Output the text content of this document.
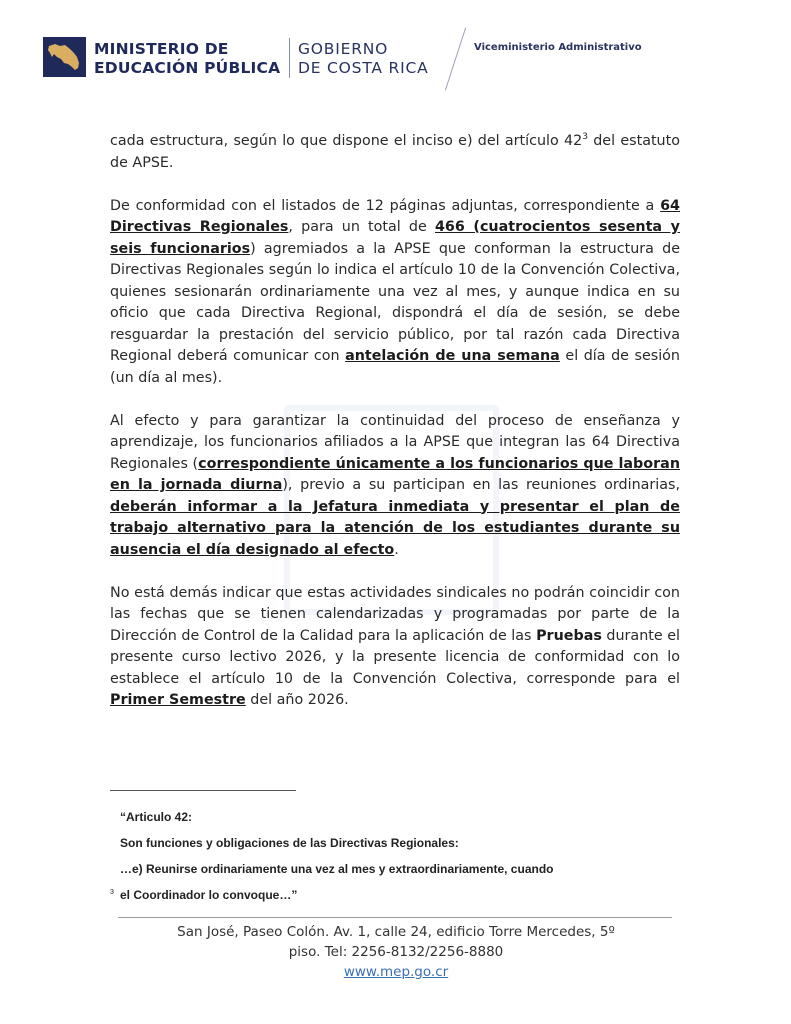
MINISTERIO DE
EDUCACIÓN PÚBLICA
GOBIERNO
DE COSTA RICA
Viceministerio Administrativo

cada estructura, según lo que dispone el inciso e) del artículo $42^3$ del estatuto de APSE.

De conformidad con el listados de 12 páginas adjuntas, correspondiente a 64 Directivas Regionales, para un total de 466 (cuatrocientos sesenta y seis funcionarios) agremiados a la APSE que conforman la estructura de Directivas Regionales según lo indica el artículo 10 de la Convención Colectiva, quienes sesionarán ordinariamente una vez al mes, y aunque indica en su oficio que cada Directiva Regional, dispondrá el día de sesión, se debe resguardar la prestación del servicio público, por tal razón cada Directiva Regional deberá comunicar con antelación de una semana el día de sesión (un día al mes).

Al efecto y para garantizar la continuidad del proceso de enseñanza y aprendizaje, los funcionarios afiliados a la APSE que integran las 64 Directiva Regionales (correspondiente únicamente a los funcionarios que laboran en la jornada diurna), previo a su participan en las reuniones ordinarias, deberán informar a la Jefatura inmediata y presentar el plan de trabajo alternativo para la atención de los estudiantes durante su ausencia el día designado al efecto.

No está demás indicar que estas actividades sindicales no podrán coincidir con las fechas que se tienen calendarizadas y programadas por parte de la Dirección de Control de la Calidad para la aplicación de las Pruebas durante el presente curso lectivo 2026, y la presente licencia de conformidad con lo establece el artículo 10 de la Convención Colectiva, corresponde para el Primer Semestre del año 2026.

“Articulo 42:
Son funciones y obligaciones de las Directivas Regionales:
…e) Reunirse ordinariamente una vez al mes y extraordinariamente, cuando
3 el Coordinador lo convoque…”
San José, Paseo Colón. Av. 1, calle 24, edificio Torre Mercedes, 5º
piso. Tel: 2256-8132/2256-8880
www.mep.go.cr
